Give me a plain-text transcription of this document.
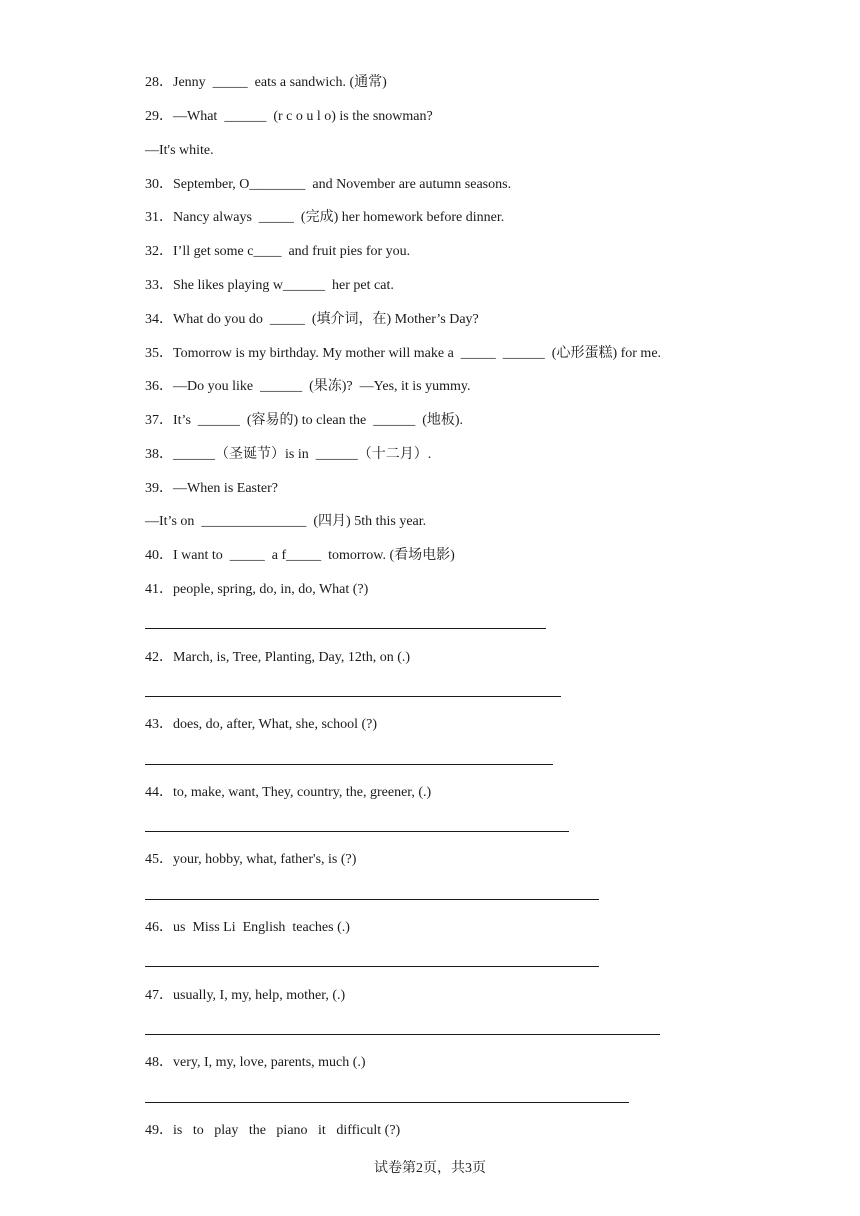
28．Jenny  _____  eats a sandwich. (通常)
29．—What  ______  (r c o u l o) is the snowman?
—It's white.
30．September, O________  and November are autumn seasons.
31．Nancy always  _____  (完成) her homework before dinner.
32．I’ll get some c____  and fruit pies for you.
33．She likes playing w______  her pet cat.
34．What do you do  _____  (填介词，在) Mother’s Day?
35．Tomorrow is my birthday. My mother will make a  _____  ______  (心形蛋糕) for me.
36．—Do you like  ______  (果冻)?  —Yes, it is yummy.
37．It’s  ______  (容易的) to clean the  ______  (地板).
38．______（圣诞节）is in  ______（十二月）.
39．—When is Easter?
—It’s on  _______________  (四月) 5th this year.
40．I want to  _____  a f_____  tomorrow. (看场电影)
41．people, spring, do, in, do, What (?)
42．March, is, Tree, Planting, Day, 12th, on (.)
43．does, do, after, What, she, school (?)
44．to, make, want, They, country, the, greener, (.)
45．your, hobby, what, father's, is (?)
46．us  Miss Li  English  teaches (.)
47．usually, I, my, help, mother, (.)
48．very, I, my, love, parents, much (.)
49．is   to   play   the   piano   it   difficult (?)
试卷第2页，共3页
